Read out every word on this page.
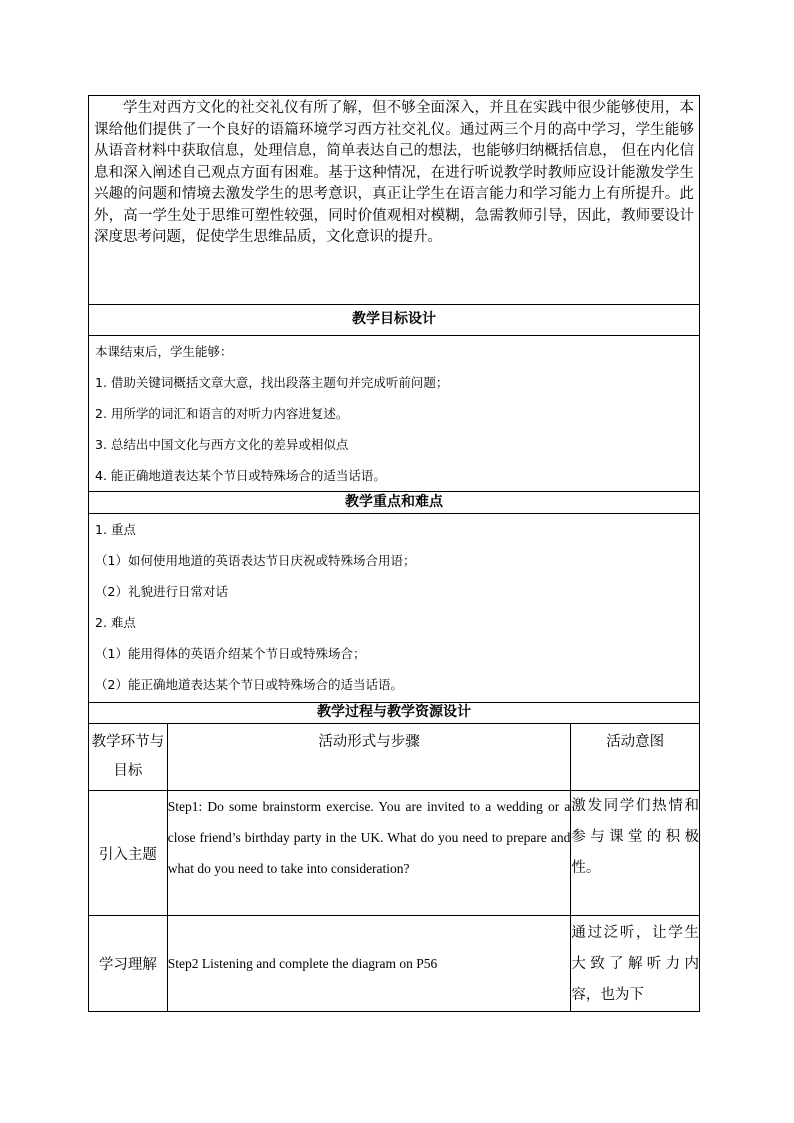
学生对西方文化的社交礼仪有所了解，但不够全面深入，并且在实践中很少能够使用，本课给他们提供了一个良好的语篇环境学习西方社交礼仪。通过两三个月的高中学习，学生能够从语音材料中获取信息，处理信息，简单表达自己的想法，也能够归纳概括信息， 但在内化信息和深入阐述自己观点方面有困难。基于这种情况，在进行听说教学时教师应设计能激发学生兴趣的问题和情境去激发学生的思考意识，真正让学生在语言能力和学习能力上有所提升。此外，高一学生处于思维可塑性较强，同时价值观相对模糊，急需教师引导，因此，教师要设计深度思考问题，促使学生思维品质，文化意识的提升。
教学目标设计

本课结束后，学生能够：

1. 借助关键词概括文章大意，找出段落主题句并完成听前问题；

2. 用所学的词汇和语言的对听力内容进复述。

3. 总结出中国文化与西方文化的差异或相似点

4. 能正确地道表达某个节日或特殊场合的适当话语。

教学重点和难点

1. 重点

（1）如何使用地道的英语表达节日庆祝或特殊场合用语；

（2）礼貌进行日常对话

2. 难点

（1）能用得体的英语介绍某个节日或特殊场合；

（2）能正确地道表达某个节日或特殊场合的适当话语。

教学过程与教学资源设计
教学环节与目标	活动形式与步骤	活动意图
引入主题	Step1: Do some brainstorm exercise. You are invited to a wedding or a close friend’s birthday party in the UK. What do you need to prepare and what do you need to take into consideration?	激发同学们热情和参与课堂的积极性。
学习理解	Step2 Listening and complete the diagram on P56	通过泛听，让学生大致了解听力内容，也为下
